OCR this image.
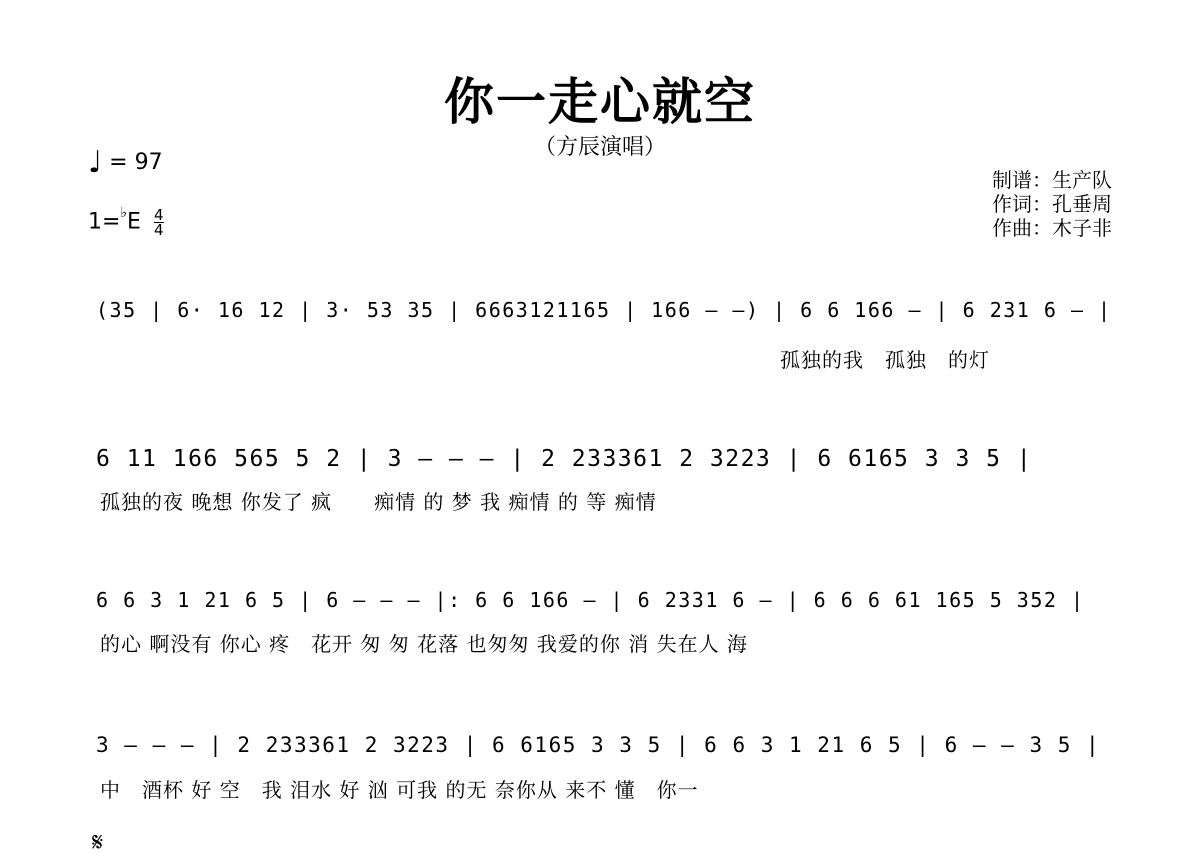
你一走心就空
（方辰演唱）
♩ = 97
$1=^♭E \frac{4}{4}$
制谱：生产队
作词：孔垂周
作曲：木子非
(35 | 6· 16 12 | 3· 53 35 | 6663121165 | 166 — —) | 6 6 166 — | 6 231 6 — |
孤独的我　孤独　的灯
6 11 166 565 5 2 | 3 — — — | 2 233361 2 3223 | 6 6165 3 3 5 |
孤独的夜 晚想 你发了 疯　　痴情 的 梦 我 痴情 的 等 痴情
6 6 3 1 21 6 5 | 6 — — — |: 6 6 166 — | 6 2331 6 — | 6 6 6 61 165 5 352 |
的心 啊没有 你心 疼　花开 匆 匆 花落 也匆匆 我爱的你 消 失在人 海
3 — — — | 2 233361 2 3223 | 6 6165 3 3 5 | 6 6 3 1 21 6 5 | 6 — — 3 5 |
中　酒杯 好 空　我 泪水 好 汹 可我 的无 奈你从 来不 懂　你一
𝄋
